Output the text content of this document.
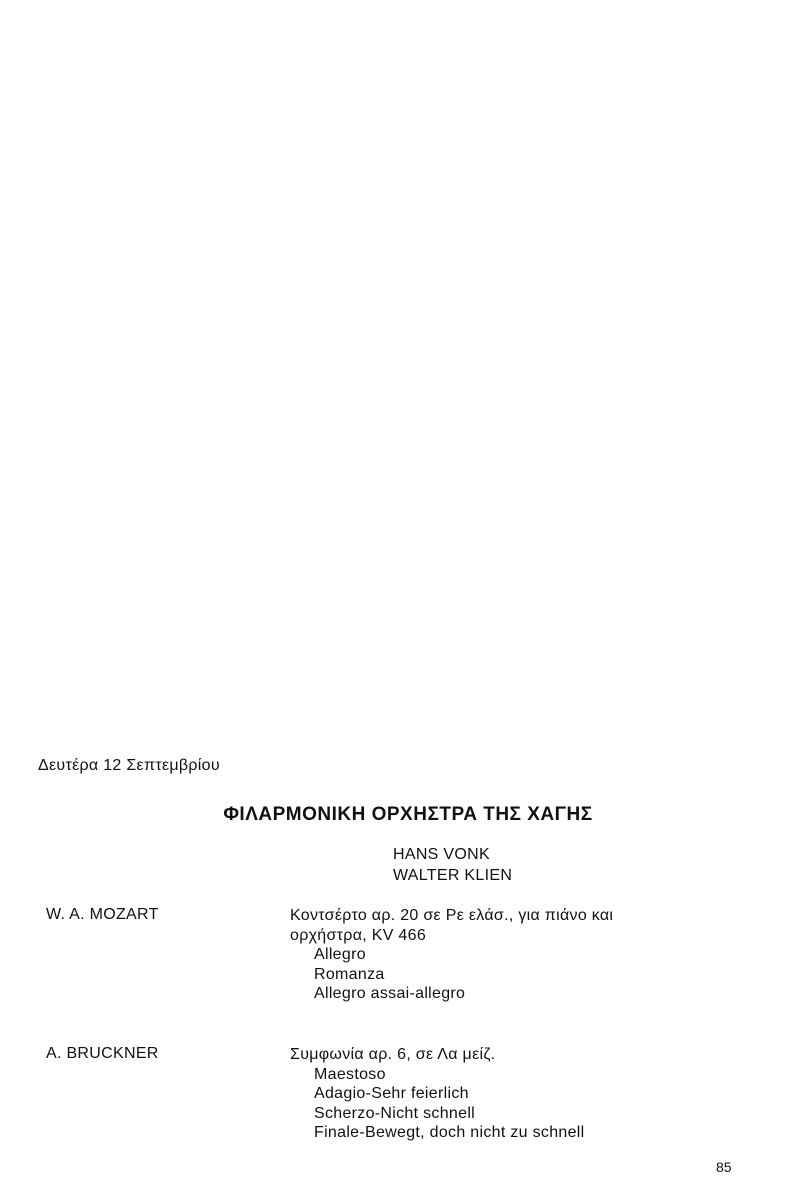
Δευτέρα 12 Σεπτεμβρίου
ΦΙΛΑΡΜΟΝΙΚΗ ΟΡΧΗΣΤΡΑ ΤΗΣ ΧΑΓΗΣ
HANS VONK
WALTER KLIEN
W. A. MOZART	Κοντσέρτο αρ. 20 σε Ρε ελάσ., για πιάνο και ορχήστρα, KV 466
Allegro
Romanza
Allegro assai-allegro
A. BRUCKNER	Συμφωνία αρ. 6, σε Λα μείζ.
Maestoso
Adagio-Sehr feierlich
Scherzo-Nicht schnell
Finale-Bewegt, doch nicht zu schnell
85
